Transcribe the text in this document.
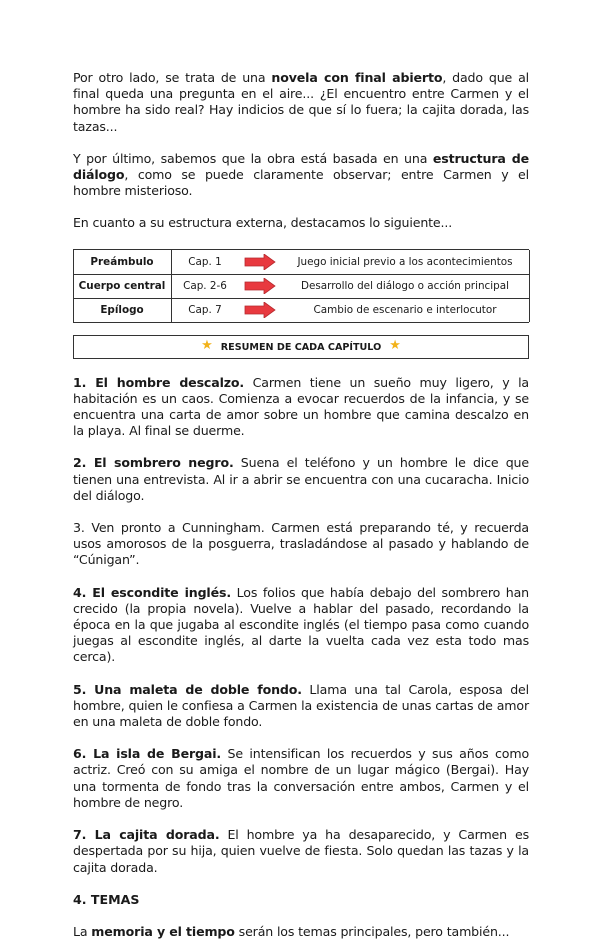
Por otro lado, se trata de una novela con final abierto, dado que al final queda una pregunta en el aire... ¿El encuentro entre Carmen y el hombre ha sido real? Hay indicios de que sí lo fuera; la cajita dorada, las tazas...

Y por último, sabemos que la obra está basada en una estructura de diálogo, como se puede claramente observar; entre Carmen y el hombre misterioso.

En cuanto a su estructura externa, destacamos lo siguiente...

Preámbulo	Cap. 1	Juego inicial previo a los acontecimientos
Cuerpo central	Cap. 2-6	Desarrollo del diálogo o acción principal
Epílogo	Cap. 7	Cambio de escenario e interlocutor
★ RESUMEN DE CADA CAPÍTULO ★

1. El hombre descalzo. Carmen tiene un sueño muy ligero, y la habitación es un caos. Comienza a evocar recuerdos de la infancia, y se encuentra una carta de amor sobre un hombre que camina descalzo en la playa. Al final se duerme.

2. El sombrero negro. Suena el teléfono y un hombre le dice que tienen una entrevista. Al ir a abrir se encuentra con una cucaracha. Inicio del diálogo.

3. Ven pronto a Cunningham. Carmen está preparando té, y recuerda usos amorosos de la posguerra, trasladándose al pasado y hablando de “Cúnigan”.

4. El escondite inglés. Los folios que había debajo del sombrero han crecido (la propia novela). Vuelve a hablar del pasado, recordando la época en la que jugaba al escondite inglés (el tiempo pasa como cuando juegas al escondite inglés, al darte la vuelta cada vez esta todo mas cerca).

5. Una maleta de doble fondo. Llama una tal Carola, esposa del hombre, quien le confiesa a Carmen la existencia de unas cartas de amor en una maleta de doble fondo.

6. La isla de Bergai. Se intensifican los recuerdos y sus años como actriz. Creó con su amiga el nombre de un lugar mágico (Bergai). Hay una tormenta de fondo tras la conversación entre ambos, Carmen y el hombre de negro.

7. La cajita dorada. El hombre ya ha desaparecido, y Carmen es despertada por su hija, quien vuelve de fiesta. Solo quedan las tazas y la cajita dorada.

4. TEMAS

La memoria y el tiempo serán los temas principales, pero también...
